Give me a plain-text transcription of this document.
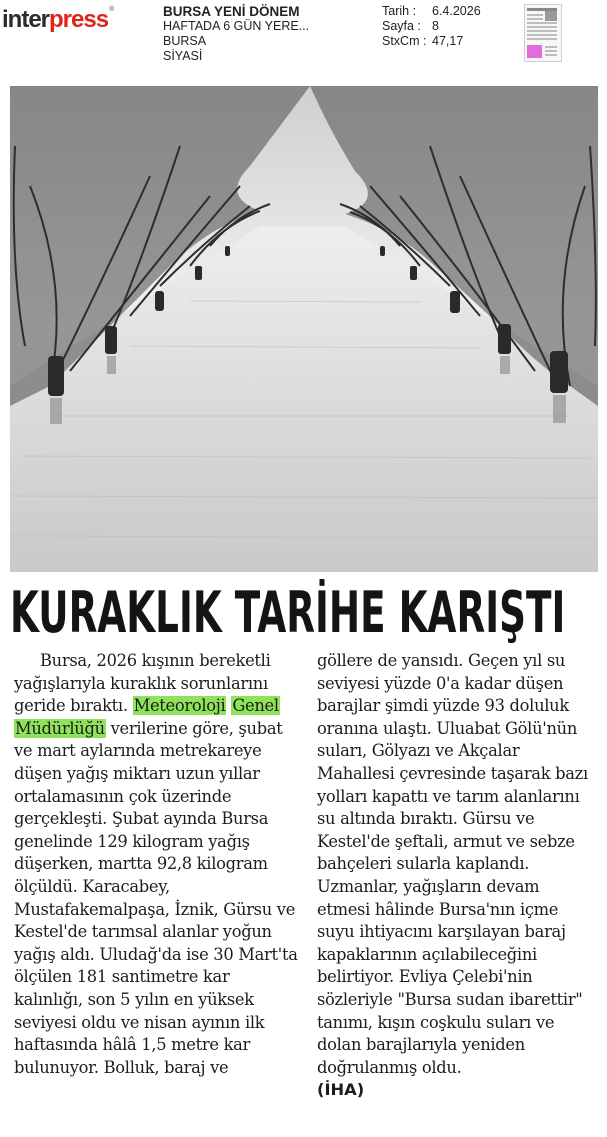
interpress®	BURSA YENİ DÖNEM
HAFTADA 6 GÜN YERE...
BURSA
SİYASİ
Tarih :	6.4.2026
Sayfa : 8
StxCm : 47,17
KURAKLIK TARİHE KARIŞTI

Bursa, 2026 kışının bereketli yağışlarıyla kuraklık sorunlarını geride bıraktı. Meteoroloji Genel Müdürlüğü verilerine göre, şubat ve mart aylarında metrekareye düşen yağış miktarı uzun yıllar ortalamasının çok üzerinde gerçekleşti. Şubat ayında Bursa genelinde 129 kilogram yağış düşerken, martta 92,8 kilogram ölçüldü. Karacabey, Mustafakemalpaşa, İznik, Gürsu ve Kestel'de tarımsal alanlar yoğun yağış aldı. Uludağ'da ise 30 Mart'ta ölçülen 181 santimetre kar kalınlığı, son 5 yılın en yüksek seviyesi oldu ve nisan ayının ilk haftasında hâlâ 1,5 metre kar bulunuyor. Bolluk, baraj ve

göllere de yansıdı. Geçen yıl su seviyesi yüzde 0'a kadar düşen barajlar şimdi yüzde 93 doluluk oranına ulaştı. Uluabat Gölü'nün suları, Gölyazı ve Akçalar Mahallesi çevresinde taşarak bazı yolları kapattı ve tarım alanlarını su altında bıraktı. Gürsu ve Kestel'de şeftali, armut ve sebze bahçeleri sularla kaplandı. Uzmanlar, yağışların devam etmesi hâlinde Bursa'nın içme suyu ihtiyacını karşılayan baraj kapaklarının açılabileceğini belirtiyor. Evliya Çelebi'nin sözleriyle "Bursa sudan ibarettir" tanımı, kışın coşkulu suları ve dolan barajlarıyla yeniden doğrulanmış oldu.

(İHA)
